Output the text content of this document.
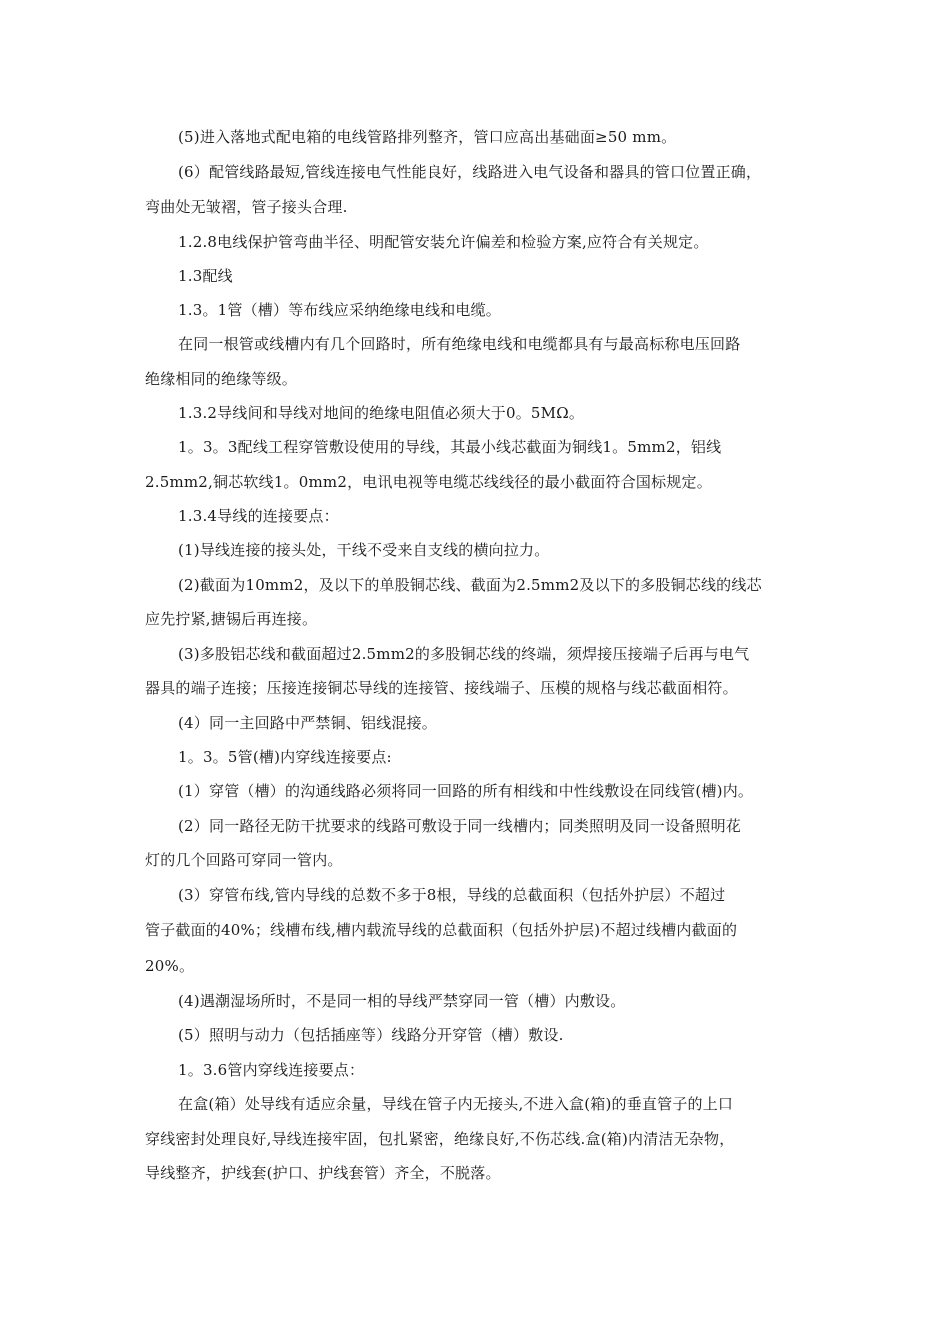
(5)进入落地式配电箱的电线管路排列整齐，管口应高出基础面≥50 mm。
(6）配管线路最短,管线连接电气性能良好，线路进入电气设备和器具的管口位置正确，
弯曲处无皱褶，管子接头合理.
1.2.8电线保护管弯曲半径、明配管安装允许偏差和检验方案,应符合有关规定。
1.3配线
1.3。1管（槽）等布线应采纳绝缘电线和电缆。
在同一根管或线槽内有几个回路时，所有绝缘电线和电缆都具有与最高标称电压回路
绝缘相同的绝缘等级。
1.3.2导线间和导线对地间的绝缘电阻值必须大于0。5MΩ。
1。3。3配线工程穿管敷设使用的导线，其最小线芯截面为铜线1。5mm2，铝线
2.5mm2,铜芯软线1。0mm2，电讯电视等电缆芯线线径的最小截面符合国标规定。
1.3.4导线的连接要点：
(1)导线连接的接头处，干线不受来自支线的横向拉力。
(2)截面为10mm2，及以下的单股铜芯线、截面为2.5mm2及以下的多股铜芯线的线芯
应先拧紧,搪锡后再连接。
(3)多股铝芯线和截面超过2.5mm2的多股铜芯线的终端，须焊接压接端子后再与电气
器具的端子连接；压接连接铜芯导线的连接管、接线端子、压模的规格与线芯截面相符。
(4）同一主回路中严禁铜、铝线混接。
1。3。5管(槽)内穿线连接要点:
(1）穿管（槽）的沟通线路必须将同一回路的所有相线和中性线敷设在同线管(槽)内。
(2）同一路径无防干扰要求的线路可敷设于同一线槽内；同类照明及同一设备照明花
灯的几个回路可穿同一管内。
(3）穿管布线,管内导线的总数不多于8根，导线的总截面积（包括外护层）不超过
管子截面的40%；线槽布线,槽内载流导线的总截面积（包括外护层)不超过线槽内截面的
20%。
(4)遇潮湿场所时，不是同一相的导线严禁穿同一管（槽）内敷设。
(5）照明与动力（包括插座等）线路分开穿管（槽）敷设.
1。3.6管内穿线连接要点：
在盒(箱）处导线有适应余量，导线在管子内无接头,不进入盒(箱)的垂直管子的上口
穿线密封处理良好,导线连接牢固，包扎紧密，绝缘良好,不伤芯线.盒(箱)内清洁无杂物，
导线整齐，护线套(护口、护线套管）齐全，不脱落。
